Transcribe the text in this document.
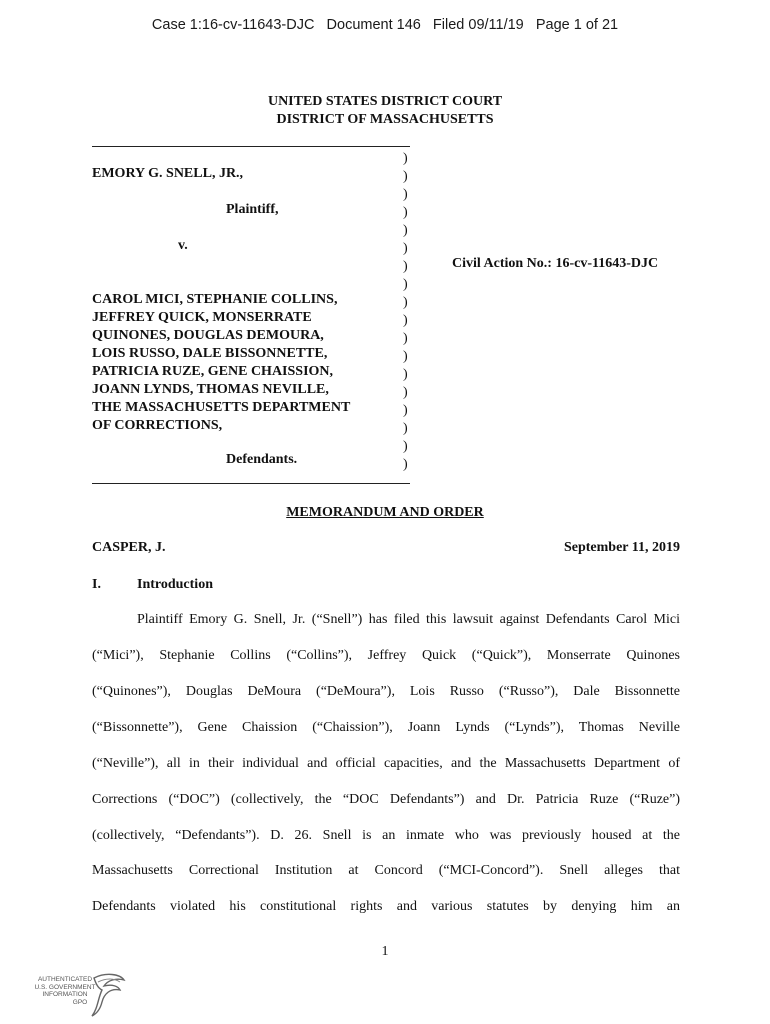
Case 1:16-cv-11643-DJC   Document 146   Filed 09/11/19   Page 1 of 21
UNITED STATES DISTRICT COURT
DISTRICT OF MASSACHUSETTS
EMORY G. SNELL, JR.,
Plaintiff,
v.
CAROL MICI, STEPHANIE COLLINS,
JEFFREY QUICK, MONSERRATE
QUINONES, DOUGLAS DEMOURA,
LOIS RUSSO, DALE BISSONNETTE,
PATRICIA RUZE, GENE CHAISSION,
JOANN LYNDS, THOMAS NEVILLE,
THE MASSACHUSETTS DEPARTMENT
OF CORRECTIONS,
Defendants.
)
)
)
)
)
)
)
)
)
)
)
)
)
)
)
)
)
)
Civil Action No.: 16-cv-11643-DJC
MEMORANDUM AND ORDER
CASPER, J.	September 11, 2019
I.	Introduction
Plaintiff Emory G. Snell, Jr. (“Snell”) has filed this lawsuit against Defendants Carol Mici
(“Mici”), Stephanie Collins (“Collins”), Jeffrey Quick (“Quick”), Monserrate Quinones
(“Quinones”), Douglas DeMoura (“DeMoura”), Lois Russo (“Russo”), Dale Bissonnette
(“Bissonnette”), Gene Chaission (“Chaission”), Joann Lynds (“Lynds”), Thomas Neville
(“Neville”), all in their individual and official capacities, and the Massachusetts Department of
Corrections (“DOC”) (collectively, the “DOC Defendants”) and Dr. Patricia Ruze (“Ruze”)
(collectively, “Defendants”). D. 26. Snell is an inmate who was previously housed at the
Massachusetts Correctional Institution at Concord (“MCI-Concord”). Snell alleges that
Defendants violated his constitutional rights and various statutes by denying him an
1
AUTHENTICATED
U.S. GOVERNMENT
INFORMATION
GPO
